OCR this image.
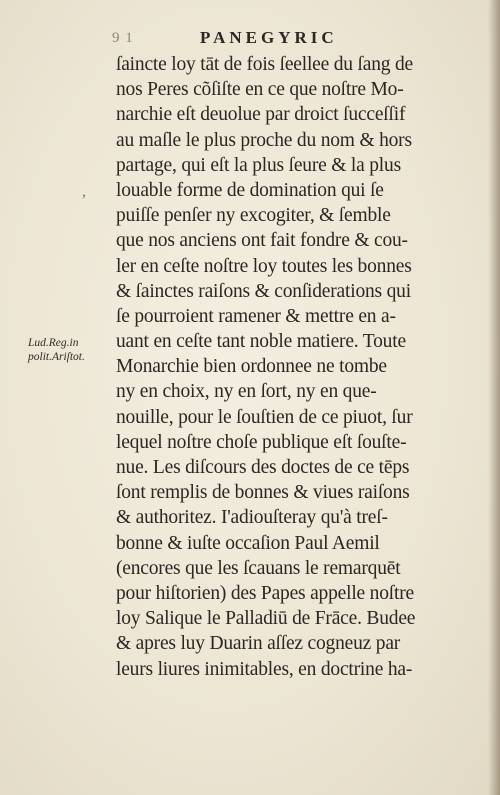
9 1	PANEGYRIC
,
Lud.Reg.in
polit.Ariſtot.
ſaincte loy tāt de fois ſeellee du ſang de
nos Peres cõſiſte en ce que noſtre Mo-
narchie eſt deuolue par droict ſucceſſif
au maſle le plus proche du nom & hors
partage, qui eſt la plus ſeure & la plus
louable forme de domination qui ſe
puiſſe penſer ny excogiter, & ſemble
que nos anciens ont fait fondre & cou-
ler en ceſte noſtre loy toutes les bonnes
& ſainctes raiſons & conſiderations qui
ſe pourroient ramener & mettre en a-
uant en ceſte tant noble matiere. Toute
Monarchie bien ordonnee ne tombe
ny en choix, ny en ſort, ny en que-
nouille, pour le ſouſtien de ce piuot, ſur
lequel noſtre choſe publique eſt ſouſte-
nue. Les diſcours des doctes de ce tēps
ſont remplis de bonnes & viues raiſons
& authoritez. I'adiouſteray qu'à treſ-
bonne & iuſte occaſion Paul Aemil
(encores que les ſcauans le remarquēt
pour hiſtorien) des Papes appelle noſtre
loy Salique le Palladiū de Frāce. Budee
& apres luy Duarin aſſez cogneuz par
leurs liures inimitables, en doctrine ha-
